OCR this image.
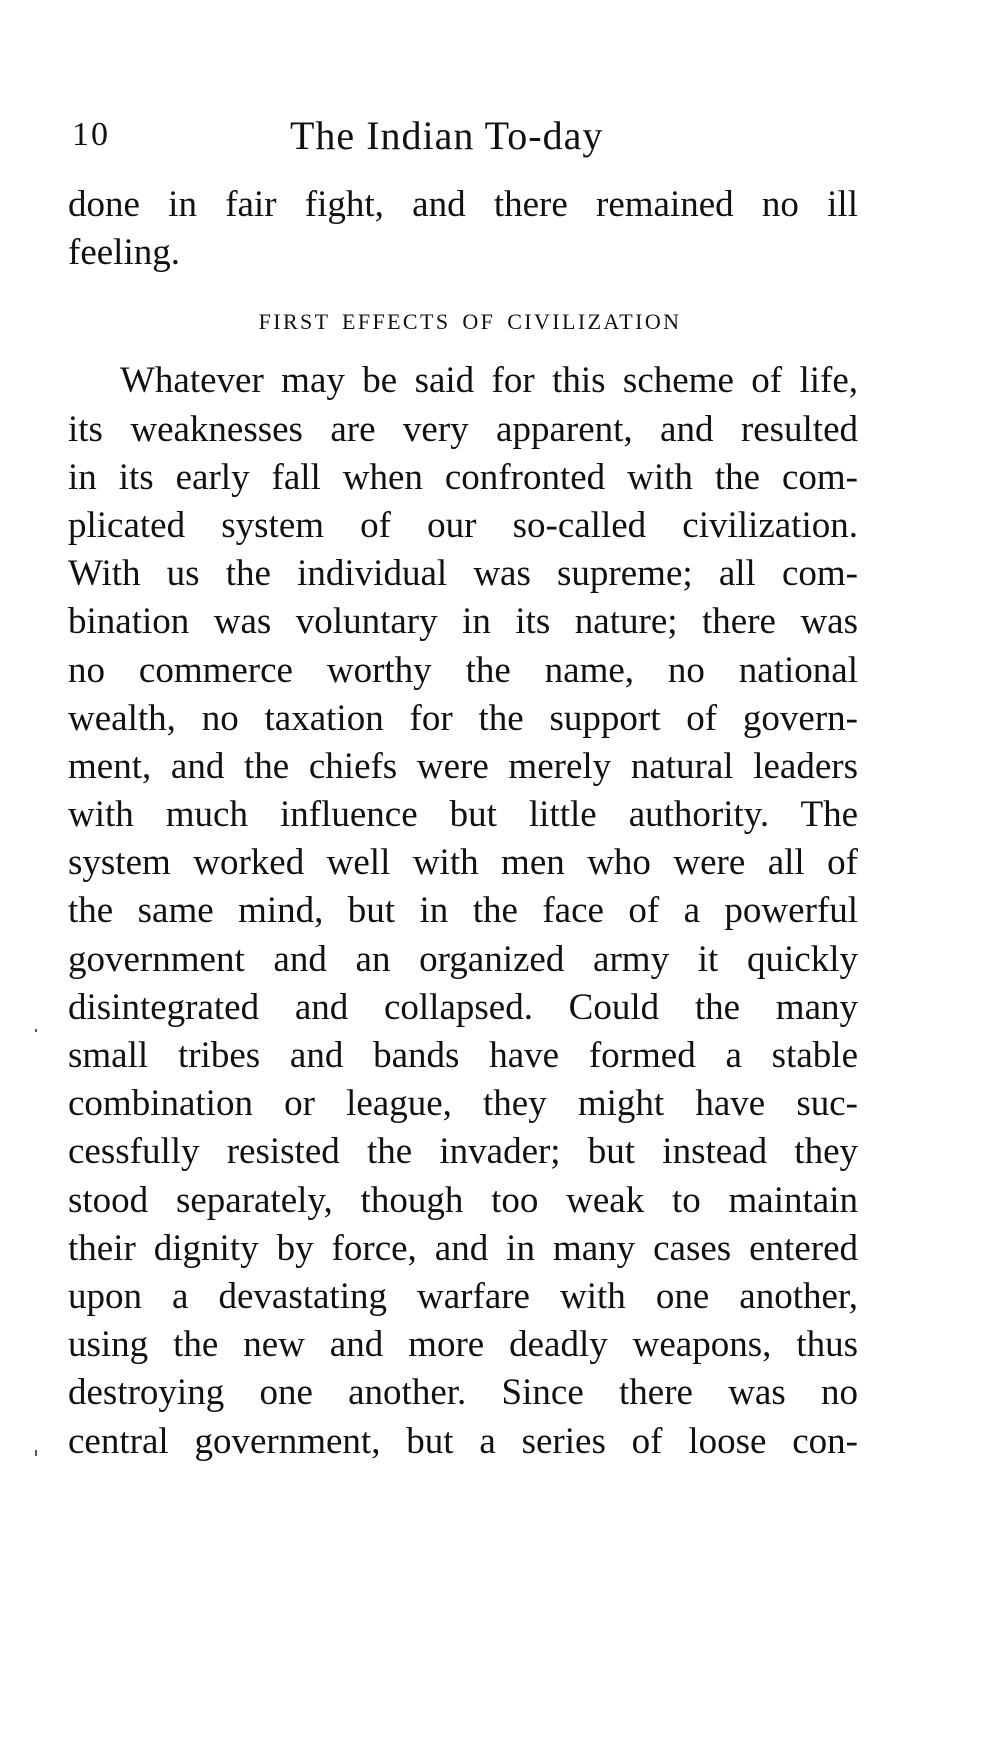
10	The Indian To-day
done in fair fight, and there remained no ill
feeling.
FIRST EFFECTS OF CIVILIZATION
Whatever may be said for this scheme of life,
its weaknesses are very apparent, and resulted
in its early fall when confronted with the com-
plicated system of our so-called civilization.
With us the individual was supreme; all com-
bination was voluntary in its nature; there was
no commerce worthy the name, no national
wealth, no taxation for the support of govern-
ment, and the chiefs were merely natural leaders
with much influence but little authority. The
system worked well with men who were all of
the same mind, but in the face of a powerful
government and an organized army it quickly
disintegrated and collapsed. Could the many
small tribes and bands have formed a stable
combination or league, they might have suc-
cessfully resisted the invader; but instead they
stood separately, though too weak to maintain
their dignity by force, and in many cases entered
upon a devastating warfare with one another,
using the new and more deadly weapons, thus
destroying one another. Since there was no
central government, but a series of loose con-
